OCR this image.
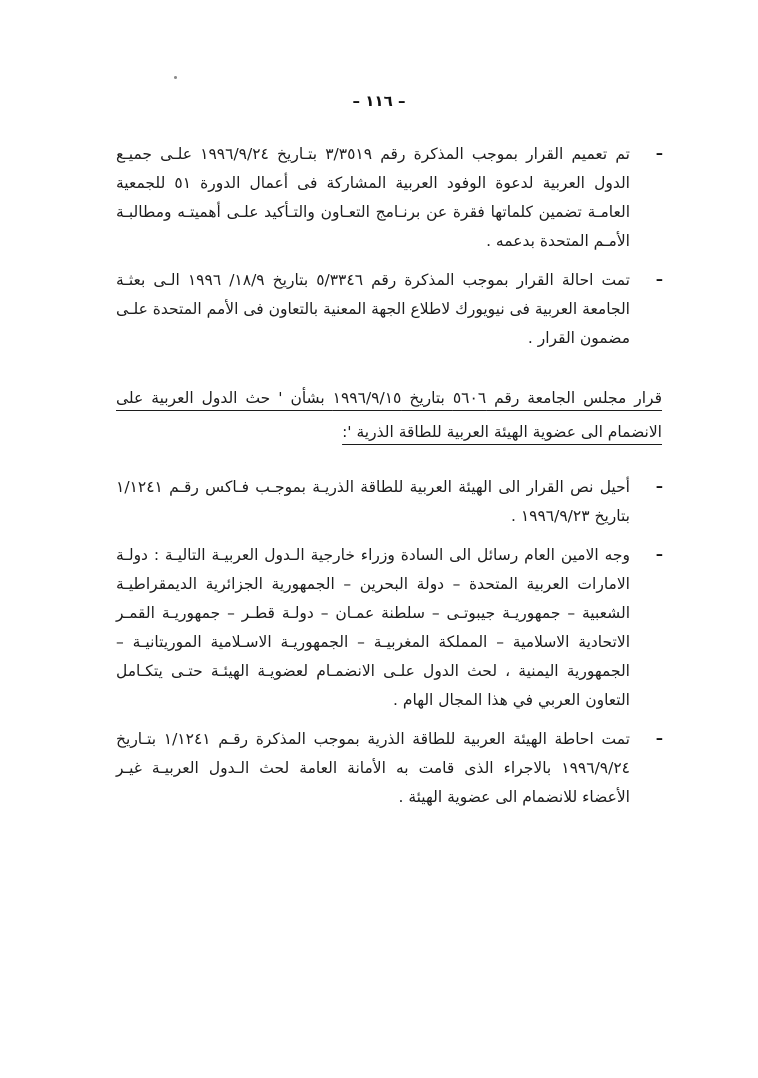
– ١١٦ –
ـ

تم تعميم القرار بموجب المذكرة رقم ٣/٣٥١٩ بتـاريخ ١٩٩٦/٩/٢٤ علـى جميـع الدول العربية لدعوة الوفود العربية المشاركة فى أعمال الدورة ٥١ للجمعية العامـة تضمين كلماتها فقرة عن برنـامج التعـاون والتـأكيد علـى أهميتـه ومطالبـة الأمـم المتحدة بدعمه .

ـ

تمت احالة القرار بموجب المذكرة رقم ٥/٣٣٤٦ بتاريخ ١٨/٩/ ١٩٩٦ الـى بعثـة الجامعة العربية فى نيويورك لاطلاع الجهة المعنية بالتعاون فى الأمم المتحدة علـى مضمون القرار .

قرار مجلس الجامعة رقم ٥٦٠٦ بتاريخ ١٩٩٦/٩/١٥ بشأن ' حث الدول العربية على الانضمام الى عضوية الهيئة العربية للطاقة الذرية ':
ـ

أحيل نص القرار الى الهيئة العربية للطاقة الذريـة بموجـب فـاكس رقـم ١/١٢٤١ بتاريخ ١٩٩٦/٩/٢٣ .

ـ

وجه الامين العام رسائل الى السادة وزراء خارجية الـدول العربيـة التاليـة : دولـة الامارات العربية المتحدة – دولة البحرين – الجمهورية الجزائرية الديمقراطيـة الشعبية – جمهوريـة جيبوتـى – سلطنة عمـان – دولـة قطـر – جمهوريـة القمـر الاتحادية الاسلامية – المملكة المغربيـة – الجمهوريـة الاسـلامية الموريتانيـة – الجمهورية اليمنية ، لحث الدول علـى الانضمـام لعضويـة الهيئـة حتـى يتكـامل التعاون العربي في هذا المجال الهام .

ـ

تمت احاطة الهيئة العربية للطاقة الذرية بموجب المذكرة رقـم ١/١٢٤١ بتـاريخ ١٩٩٦/٩/٢٤ بالاجراء الذى قامت به الأمانة العامة لحث الـدول العربيـة غيـر الأعضاء للانضمام الى عضوية الهيئة .
